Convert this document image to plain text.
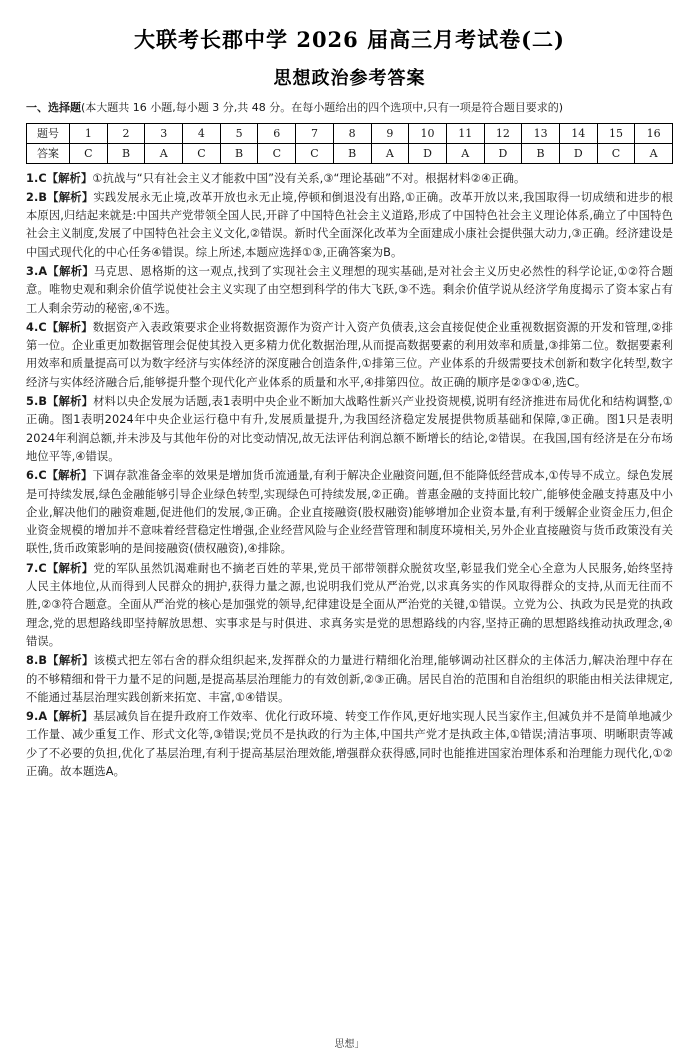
大联考长郡中学 2026 届高三月考试卷(二)
思想政治参考答案
一、选择题(本大题共 16 小题,每小题 3 分,共 48 分。在每小题给出的四个选项中,只有一项是符合题目要求的)
题号	1	2	3	4	5	6	7	8	9	10	11	12	13	14	15	16
答案	C	B	A	C	B	C	C	B	A	D	A	D	B	D	C	A
1.C【解析】①抗战与“只有社会主义才能救中国”没有关系,③“理论基础”不对。根据材料②④正确。
2.B【解析】实践发展永无止境,改革开放也永无止境,停顿和倒退没有出路,①正确。改革开放以来,我国取得一切成绩和进步的根本原因,归结起来就是:中国共产党带领全国人民,开辟了中国特色社会主义道路,形成了中国特色社会主义理论体系,确立了中国特色社会主义制度,发展了中国特色社会主义文化,②错误。新时代全面深化改革为全面建成小康社会提供强大动力,③正确。经济建设是中国式现代化的中心任务④错误。综上所述,本题应选择①③,正确答案为B。
3.A【解析】马克思、恩格斯的这一观点,找到了实现社会主义理想的现实基础,是对社会主义历史必然性的科学论证,①②符合题意。唯物史观和剩余价值学说使社会主义实现了由空想到科学的伟大飞跃,③不选。剩余价值学说从经济学角度揭示了资本家占有工人剩余劳动的秘密,④不选。
4.C【解析】数据资产入表政策要求企业将数据资源作为资产计入资产负债表,这会直接促使企业重视数据资源的开发和管理,②排第一位。企业重更加数据管理会促使其投入更多精力优化数据治理,从而提高数据要素的利用效率和质量,③排第二位。数据要素利用效率和质量提高可以为数字经济与实体经济的深度融合创造条件,①排第三位。产业体系的升级需要技术创新和数字化转型,数字经济与实体经济融合后,能够提升整个现代化产业体系的质量和水平,④排第四位。故正确的顺序是②③①④,选C。
5.B【解析】材料以央企发展为话题,表1表明中央企业不断加大战略性新兴产业投资规模,说明有经济推进布局优化和结构调整,①正确。图1表明2024年中央企业运行稳中有升,发展质量提升,为我国经济稳定发展提供物质基础和保障,③正确。图1只是表明2024年利润总额,并未涉及与其他年份的对比变动情况,故无法评估利润总额不断增长的结论,②错误。在我国,国有经济是在分布场地位平等,④错误。
6.C【解析】下调存款准备金率的效果是增加货币流通量,有利于解决企业融资问题,但不能降低经营成本,①传导不成立。绿色发展是可持续发展,绿色金融能够引导企业绿色转型,实现绿色可持续发展,②正确。普惠金融的支持面比较广,能够使金融支持惠及中小企业,解决他们的融资难题,促进他们的发展,③正确。企业直接融资(股权融资)能够增加企业资本量,有利于缓解企业资金压力,但企业资金规模的增加并不意味着经营稳定性增强,企业经营风险与企业经营管理和制度环境相关,另外企业直接融资与货币政策没有关联性,货币政策影响的是间接融资(债权融资),④排除。
7.C【解析】党的军队虽然饥渴难耐也不摘老百姓的苹果,党员干部带领群众脱贫攻坚,彰显我们党全心全意为人民服务,始终坚持人民主体地位,从而得到人民群众的拥护,获得力量之源,也说明我们党从严治党,以求真务实的作风取得群众的支持,从而无往而不胜,②③符合题意。全面从严治党的核心是加强党的领导,纪律建设是全面从严治党的关键,①错误。立党为公、执政为民是党的执政理念,党的思想路线即坚持解放思想、实事求是与时俱进、求真务实是党的思想路线的内容,坚持正确的思想路线推动执政理念,④错误。
8.B【解析】该模式把左邻右舍的群众组织起来,发挥群众的力量进行精细化治理,能够调动社区群众的主体活力,解决治理中存在的不够精细和骨干力量不足的问题,是提高基层治理能力的有效创新,②③正确。居民自治的范围和自治组织的职能由相关法律规定,不能通过基层治理实践创新来拓宽、丰富,①④错误。
9.A【解析】基层减负旨在提升政府工作效率、优化行政环境、转变工作作风,更好地实现人民当家作主,但减负并不是简单地减少工作量、减少重复工作、形式文化等,③错误;党员不是执政的行为主体,中国共产党才是执政主体,①错误;清洁事项、明晰职责等减少了不必要的负担,优化了基层治理,有利于提高基层治理效能,增强群众获得感,同时也能推进国家治理体系和治理能力现代化,①②正确。故本题选A。
思想」
